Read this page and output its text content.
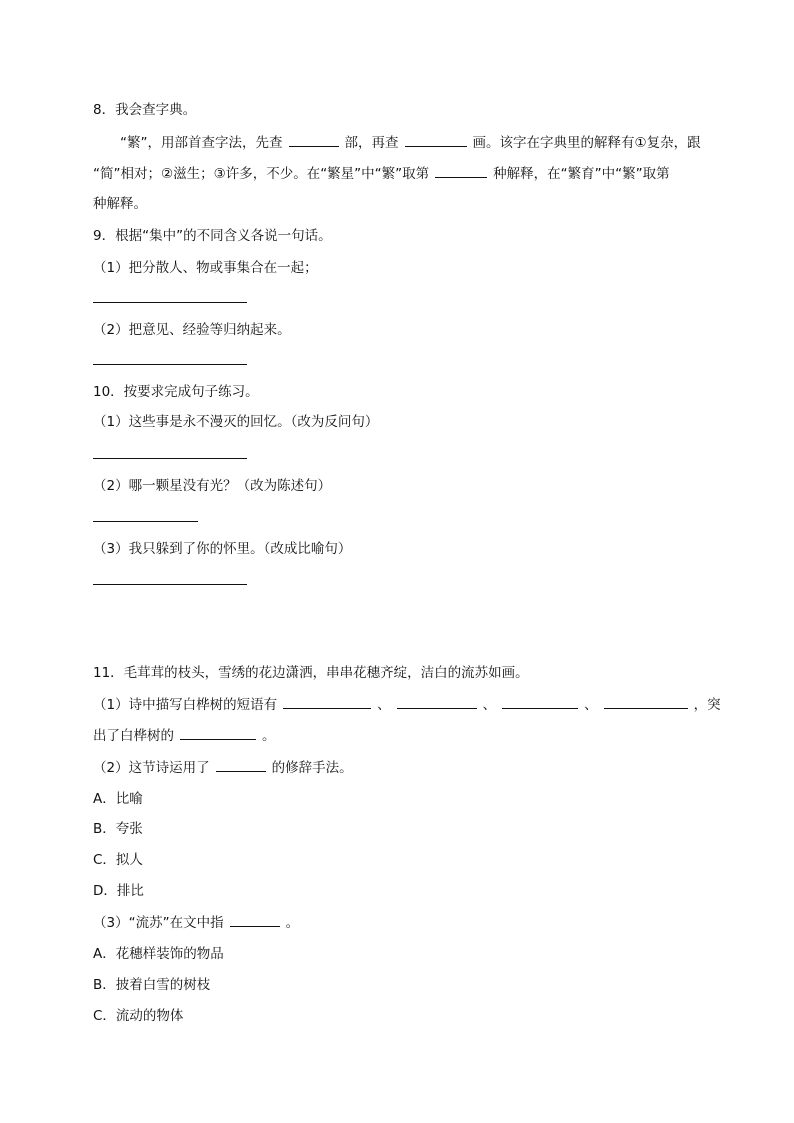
8．我会查字典。
“繁”，用部首查字法，先查	部，再查	画。该字在字典里的解释有①复杂，跟
“简”相对；②滋生；③许多，不少。在“繁星”中“繁”取第	种解释，在“繁育”中“繁”取第
种解释。
9．根据“集中”的不同含义各说一句话。
（1）把分散人、物或事集合在一起；
（2）把意见、经验等归纳起来。
10．按要求完成句子练习。
（1）这些事是永不漫灭的回忆。（改为反问句）
（2）哪一颗星没有光？（改为陈述句）
（3）我只躲到了你的怀里。（改成比喻句）
11．毛茸茸的枝头，雪绣的花边潇洒，串串花穗齐绽，洁白的流苏如画。
（1）诗中描写白桦树的短语有	、	、	、	，突
出了白桦树的	。
（2）这节诗运用了	的修辞手法。
A．比喻
B．夸张
C．拟人
D．排比
（3）“流苏”在文中指	。
A．花穗样装饰的物品
B．披着白雪的树枝
C．流动的物体
